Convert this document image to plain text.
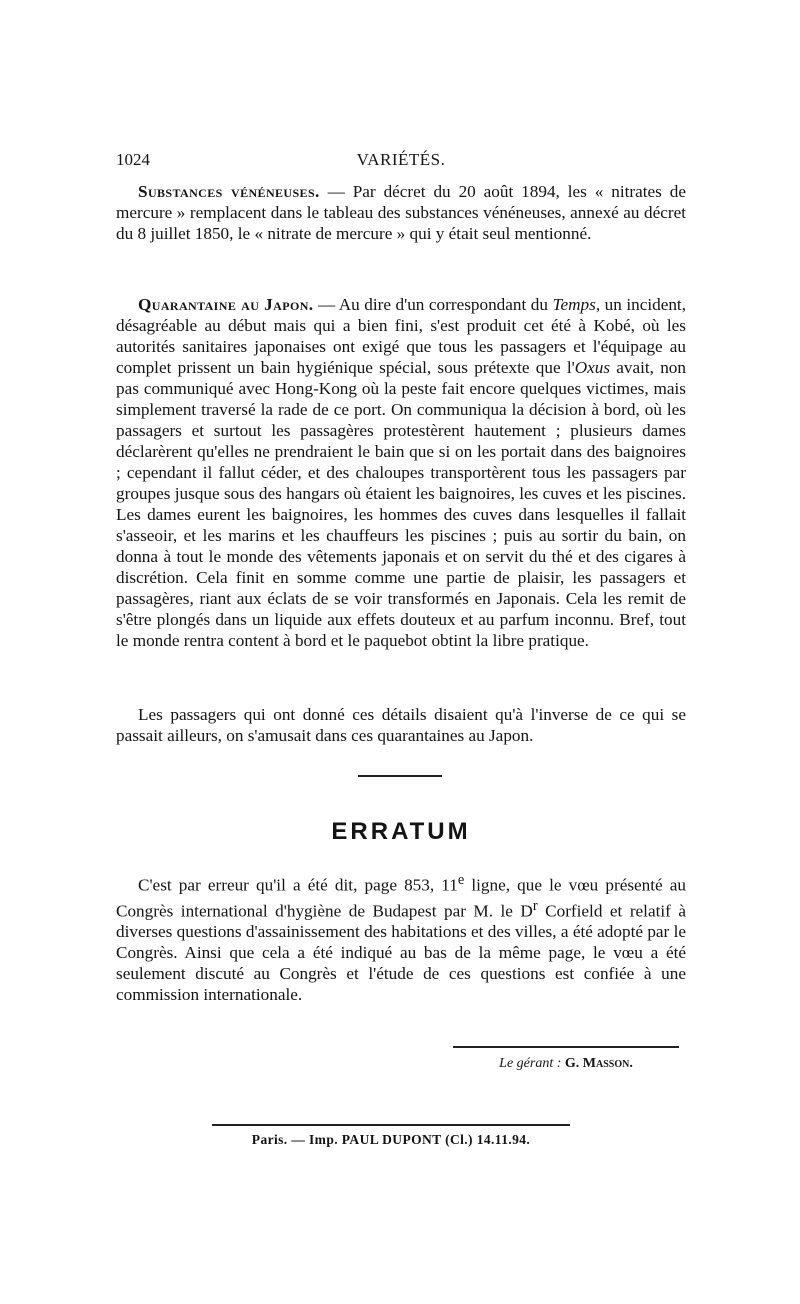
1024	VARIÉTÉS.

Substances vénéneuses. — Par décret du 20 août 1894, les « nitrates de mercure » remplacent dans le tableau des substances vénéneuses, annexé au décret du 8 juillet 1850, le « nitrate de mercure » qui y était seul mentionné.

Quarantaine au Japon. — Au dire d'un correspondant du Temps, un incident, désagréable au début mais qui a bien fini, s'est produit cet été à Kobé, où les autorités sanitaires japonaises ont exigé que tous les passagers et l'équipage au complet prissent un bain hygiénique spécial, sous prétexte que l'Oxus avait, non pas communiqué avec Hong-Kong où la peste fait encore quelques victimes, mais simplement traversé la rade de ce port. On communiqua la décision à bord, où les passagers et surtout les passagères protestèrent hautement ; plusieurs dames déclarèrent qu'elles ne prendraient le bain que si on les portait dans des baignoires ; cependant il fallut céder, et des chaloupes transportèrent tous les passagers par groupes jusque sous des hangars où étaient les baignoires, les cuves et les piscines. Les dames eurent les baignoires, les hommes des cuves dans lesquelles il fallait s'asseoir, et les marins et les chauffeurs les piscines ; puis au sortir du bain, on donna à tout le monde des vêtements japonais et on servit du thé et des cigares à discrétion. Cela finit en somme comme une partie de plaisir, les passagers et passagères, riant aux éclats de se voir transformés en Japonais. Cela les remit de s'être plongés dans un liquide aux effets douteux et au parfum inconnu. Bref, tout le monde rentra content à bord et le paquebot obtint la libre pratique.

Les passagers qui ont donné ces détails disaient qu'à l'inverse de ce qui se passait ailleurs, on s'amusait dans ces quarantaines au Japon.

ERRATUM

C'est par erreur qu'il a été dit, page 853, 11e ligne, que le vœu présenté au Congrès international d'hygiène de Budapest par M. le $D^r$ Corfield et relatif à diverses questions d'assainissement des habitations et des villes, a été adopté par le Congrès. Ainsi que cela a été indiqué au bas de la même page, le vœu a été seulement discuté au Congrès et l'étude de ces questions est confiée à une commission internationale.

Le gérant : G. Masson.
Paris. — Imp. PAUL DUPONT (Cl.) 14.11.94.
